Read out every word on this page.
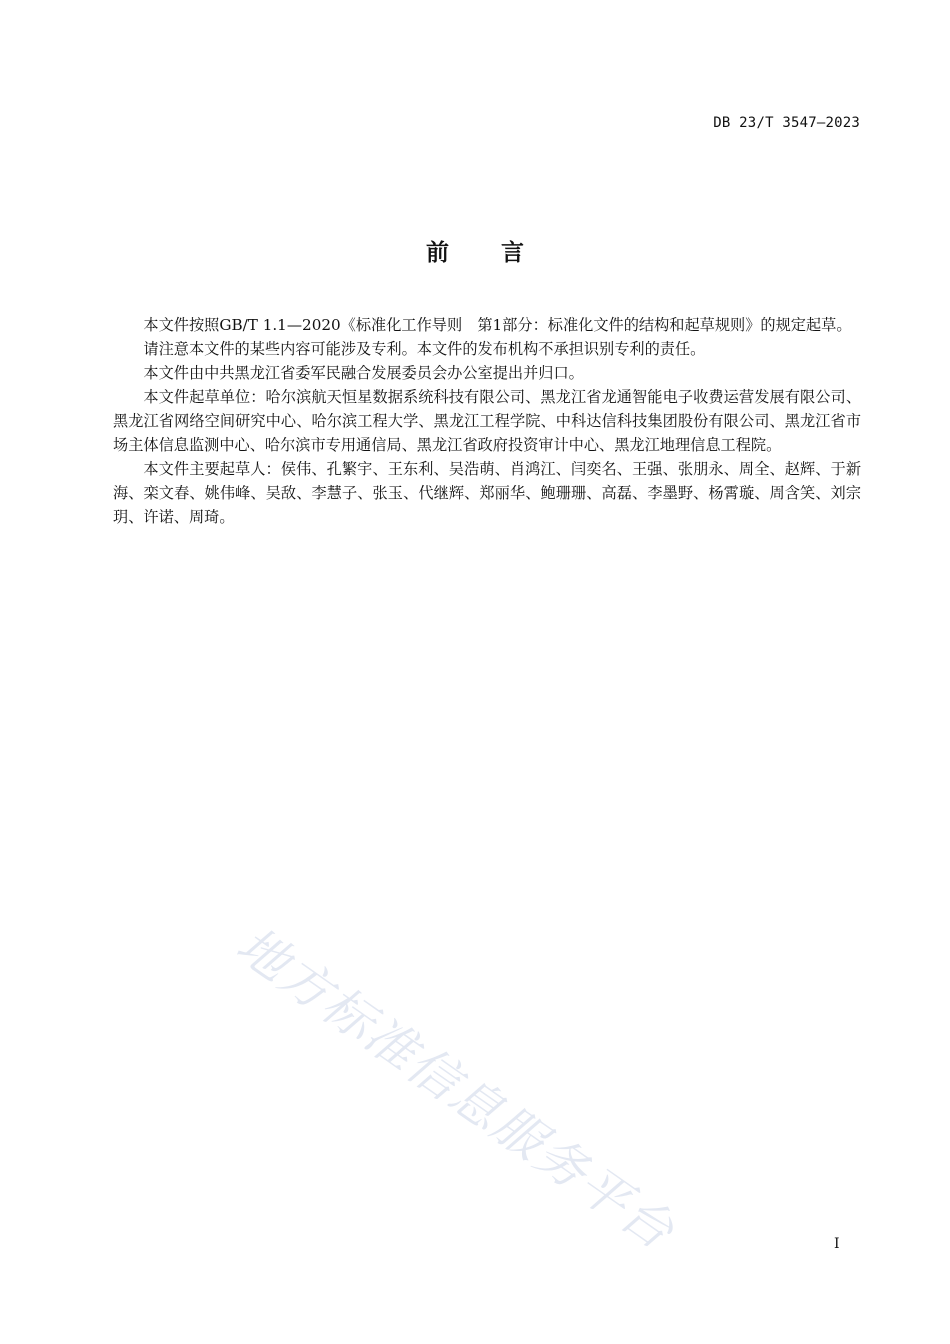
DB 23/T 3547—2023
前言

本文件按照GB/T 1.1—2020《标准化工作导则　第1部分：标准化文件的结构和起草规则》的规定起草。

请注意本文件的某些内容可能涉及专利。本文件的发布机构不承担识别专利的责任。

本文件由中共黑龙江省委军民融合发展委员会办公室提出并归口。

本文件起草单位：哈尔滨航天恒星数据系统科技有限公司、黑龙江省龙通智能电子收费运营发展有限公司、黑龙江省网络空间研究中心、哈尔滨工程大学、黑龙江工程学院、中科达信科技集团股份有限公司、黑龙江省市场主体信息监测中心、哈尔滨市专用通信局、黑龙江省政府投资审计中心、黑龙江地理信息工程院。

本文件主要起草人：侯伟、孔繁宇、王东利、吴浩萌、肖鸿江、闫奕名、王强、张朋永、周全、赵辉、于新海、栾文春、姚伟峰、吴敌、李慧子、张玉、代继辉、郑丽华、鲍珊珊、高磊、李墨野、杨霄璇、周含笑、刘宗玥、许诺、周琦。

地方标准信息服务平台	I
